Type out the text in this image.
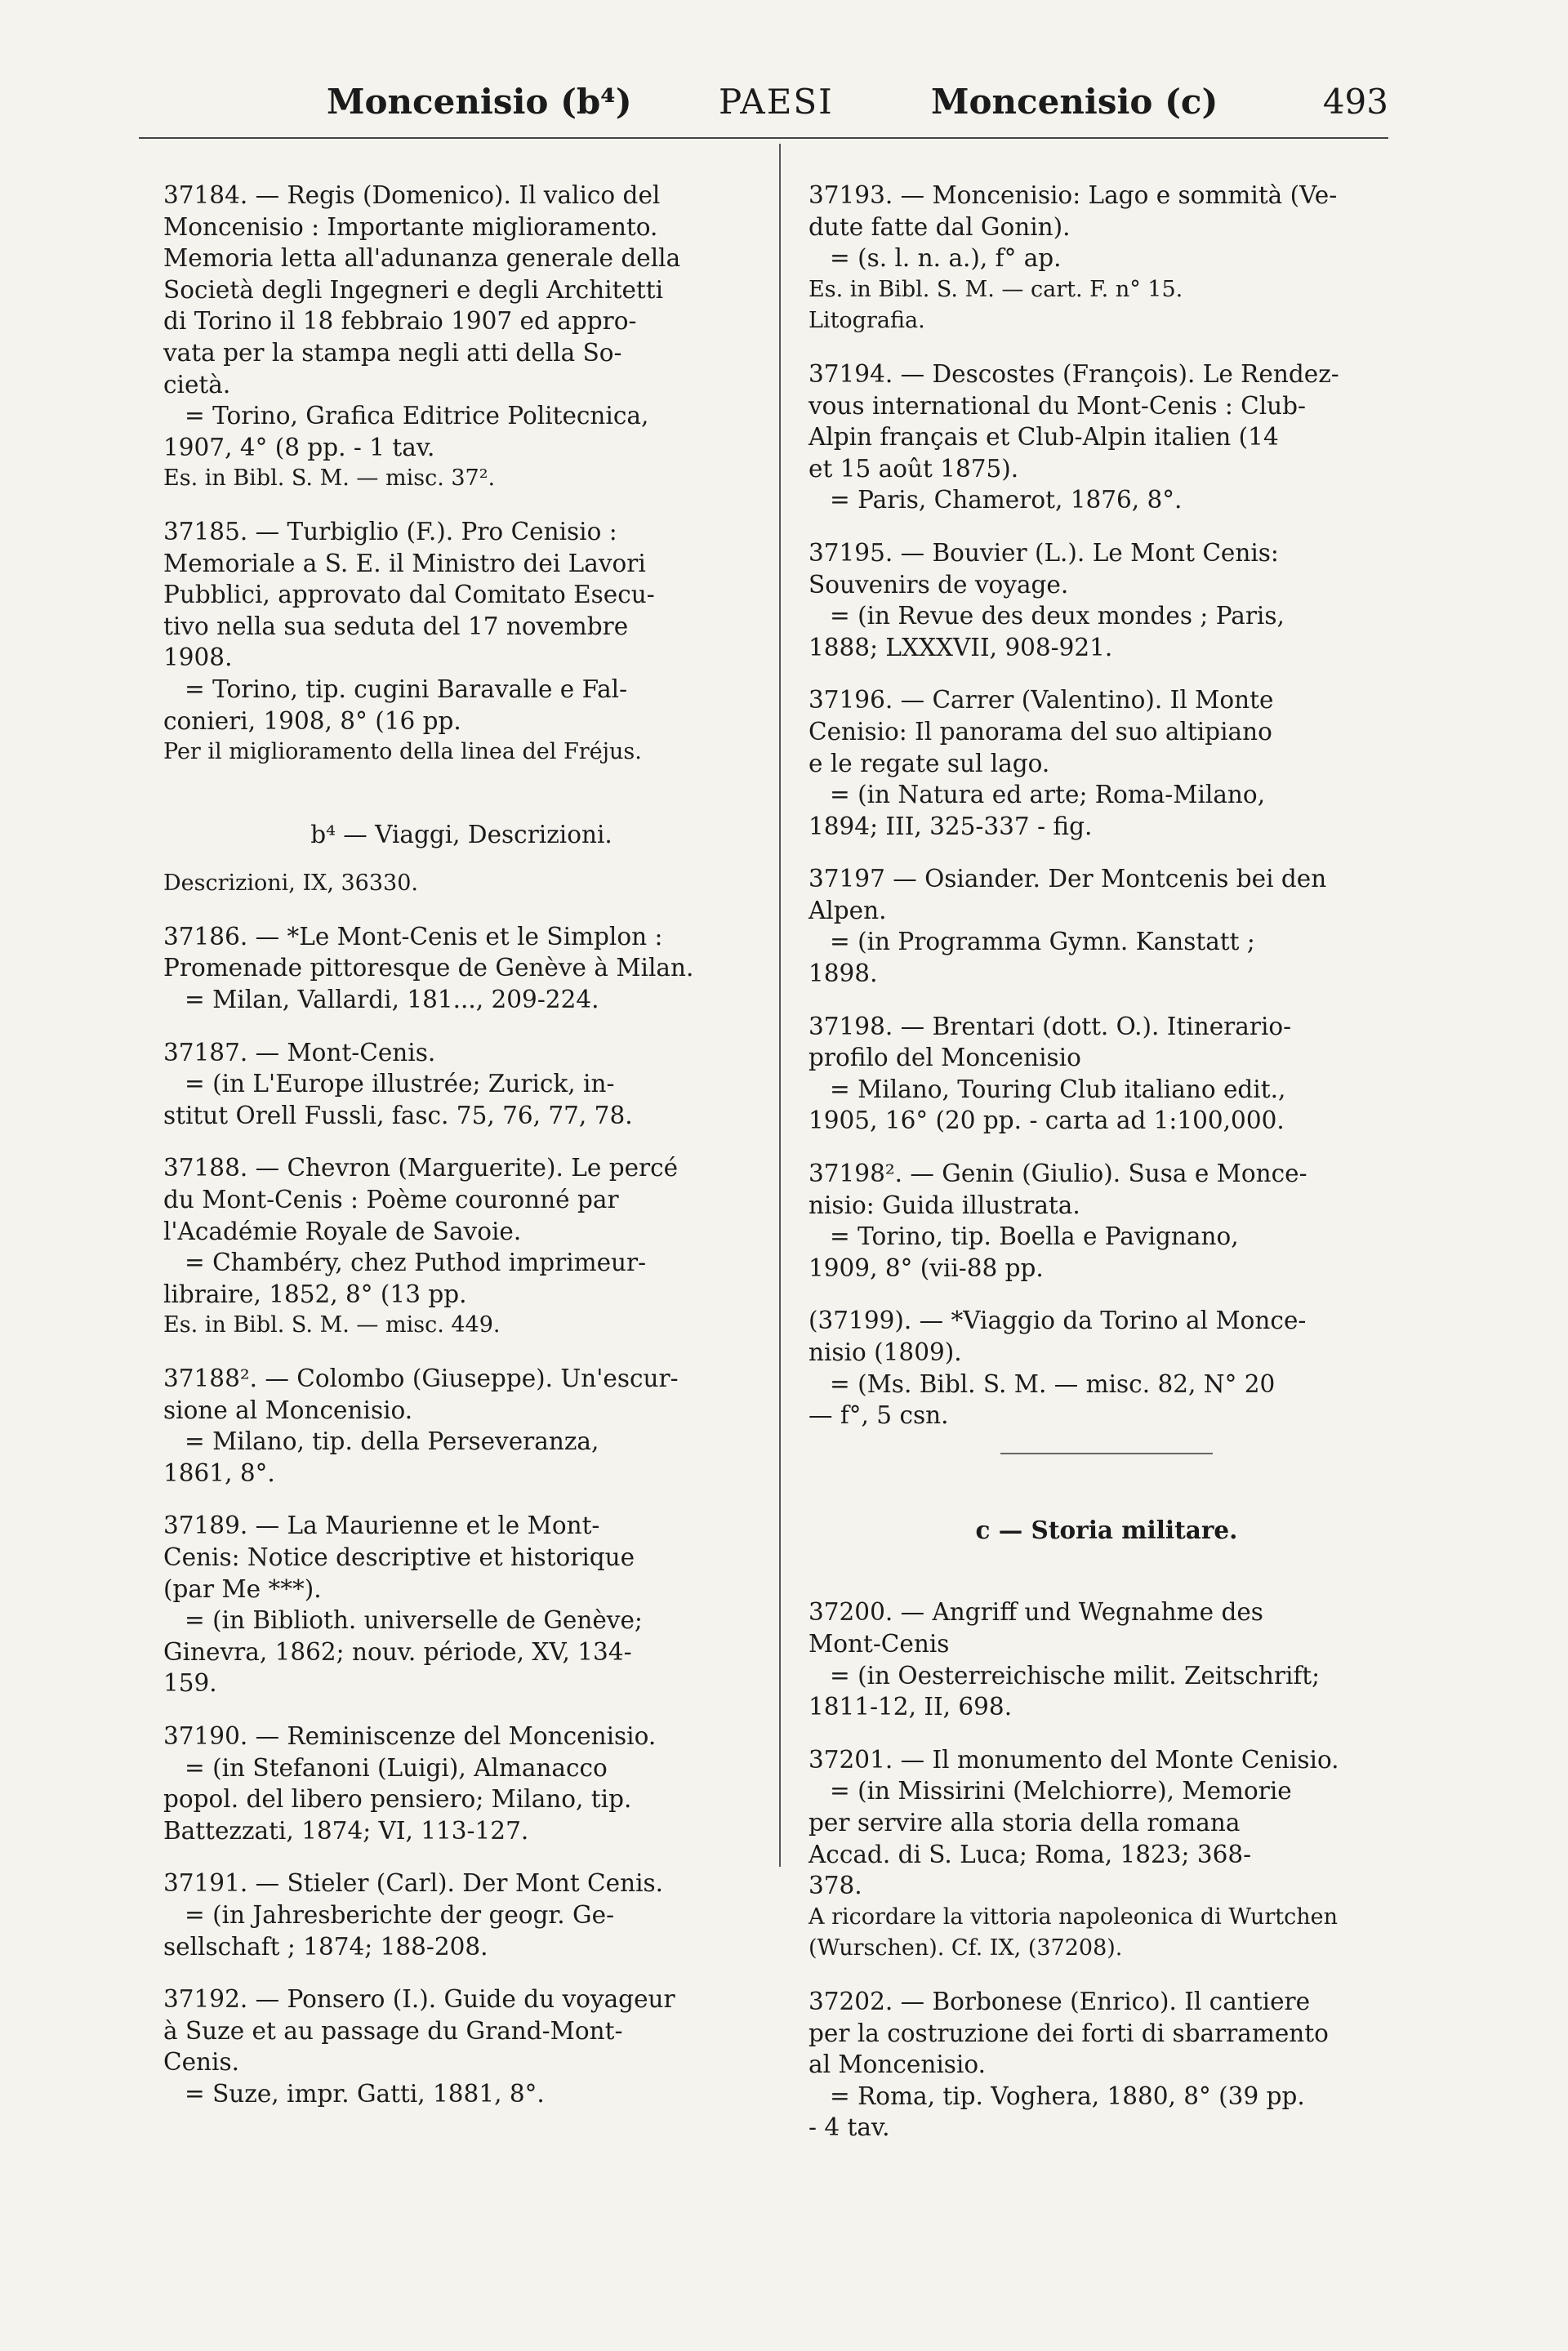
Moncenisio (b⁴)	PAESI	Moncenisio (c)	493
37184. — Regis (Domenico). Il valico del
Moncenisio : Importante miglioramento.
Memoria letta all'adunanza generale della
Società degli Ingegneri e degli Architetti
di Torino il 18 febbraio 1907 ed appro-
vata per la stampa negli atti della So-
cietà.
= Torino, Grafica Editrice Politecnica,
1907, 4° (8 pp. - 1 tav.
Es. in Bibl. S. M. — misc. 37².
37185. — Turbiglio (F.). Pro Cenisio :
Memoriale a S. E. il Ministro dei Lavori
Pubblici, approvato dal Comitato Esecu-
tivo nella sua seduta del 17 novembre
1908.
= Torino, tip. cugini Baravalle e Fal-
conieri, 1908, 8° (16 pp.
Per il miglioramento della linea del Fréjus.
b⁴ — Viaggi, Descrizioni.
Descrizioni, IX, 36330.
37186. — *Le Mont-Cenis et le Simplon :
Promenade pittoresque de Genève à Milan.
= Milan, Vallardi, 181..., 209-224.
37187. — Mont-Cenis.
= (in L'Europe illustrée; Zurick, in-
stitut Orell Fussli, fasc. 75, 76, 77, 78.
37188. — Chevron (Marguerite). Le percé
du Mont-Cenis : Poème couronné par
l'Académie Royale de Savoie.
= Chambéry, chez Puthod imprimeur-
libraire, 1852, 8° (13 pp.
Es. in Bibl. S. M. — misc. 449.
37188². — Colombo (Giuseppe). Un'escur-
sione al Moncenisio.
= Milano, tip. della Perseveranza,
1861, 8°.
37189. — La Maurienne et le Mont-
Cenis: Notice descriptive et historique
(par Me ***).
= (in Biblioth. universelle de Genève;
Ginevra, 1862; nouv. période, XV, 134-
159.
37190. — Reminiscenze del Moncenisio.
= (in Stefanoni (Luigi), Almanacco
popol. del libero pensiero; Milano, tip.
Battezzati, 1874; VI, 113-127.
37191. — Stieler (Carl). Der Mont Cenis.
= (in Jahresberichte der geogr. Ge-
sellschaft ; 1874; 188-208.
37192. — Ponsero (I.). Guide du voyageur
à Suze et au passage du Grand-Mont-
Cenis.
= Suze, impr. Gatti, 1881, 8°.
37193. — Moncenisio: Lago e sommità (Ve-
dute fatte dal Gonin).
= (s. l. n. a.), f° ap.
Es. in Bibl. S. M. — cart. F. n° 15.
Litografia.
37194. — Descostes (François). Le Rendez-
vous international du Mont-Cenis : Club-
Alpin français et Club-Alpin italien (14
et 15 août 1875).
= Paris, Chamerot, 1876, 8°.
37195. — Bouvier (L.). Le Mont Cenis:
Souvenirs de voyage.
= (in Revue des deux mondes ; Paris,
1888; LXXXVII, 908-921.
37196. — Carrer (Valentino). Il Monte
Cenisio: Il panorama del suo altipiano
e le regate sul lago.
= (in Natura ed arte; Roma-Milano,
1894; III, 325-337 - fig.
37197 — Osiander. Der Montcenis bei den
Alpen.
= (in Programma Gymn. Kanstatt ;
1898.
37198. — Brentari (dott. O.). Itinerario-
profilo del Moncenisio
= Milano, Touring Club italiano edit.,
1905, 16° (20 pp. - carta ad 1:100,000.
37198². — Genin (Giulio). Susa e Monce-
nisio: Guida illustrata.
= Torino, tip. Boella e Pavignano,
1909, 8° (vii-88 pp.
(37199). — *Viaggio da Torino al Monce-
nisio (1809).
= (Ms. Bibl. S. M. — misc. 82, N° 20
— f°, 5 csn.
c — Storia militare.
37200. — Angriff und Wegnahme des
Mont-Cenis
= (in Oesterreichische milit. Zeitschrift;
1811-12, II, 698.
37201. — Il monumento del Monte Cenisio.
= (in Missirini (Melchiorre), Memorie
per servire alla storia della romana
Accad. di S. Luca; Roma, 1823; 368-
378.
A ricordare la vittoria napoleonica di Wurtchen
(Wurschen). Cf. IX, (37208).
37202. — Borbonese (Enrico). Il cantiere
per la costruzione dei forti di sbarramento
al Moncenisio.
= Roma, tip. Voghera, 1880, 8° (39 pp.
- 4 tav.
